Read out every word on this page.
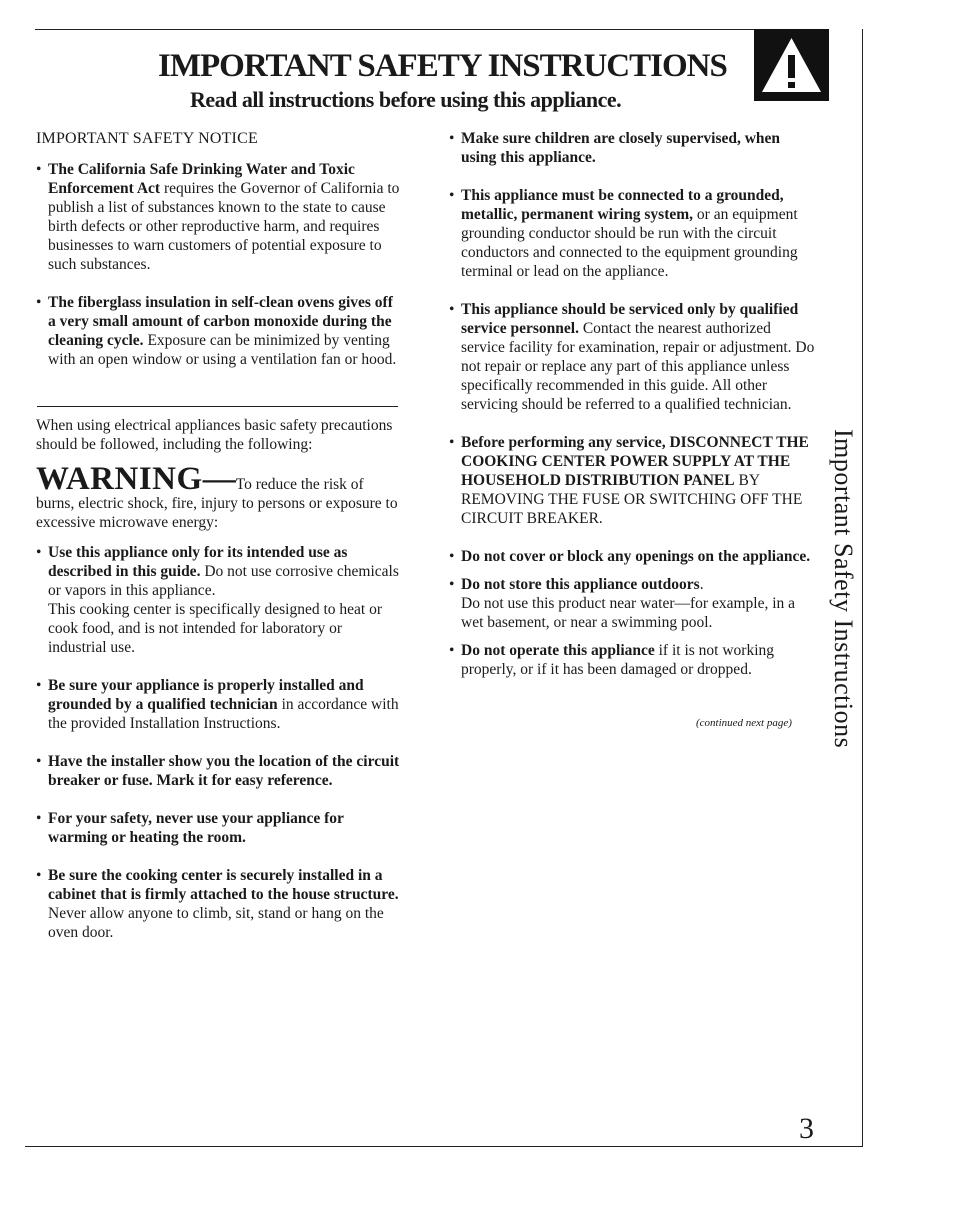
IMPORTANT SAFETY INSTRUCTIONS
Read all instructions before using this appliance.

IMPORTANT SAFETY NOTICE

• The California Safe Drinking Water and Toxic Enforcement Act requires the Governor of California to publish a list of substances known to the state to cause birth defects or other reproductive harm, and requires businesses to warn customers of potential exposure to such substances.

• The fiberglass insulation in self-clean ovens gives off a very small amount of carbon monoxide during the cleaning cycle. Exposure can be minimized by venting with an open window or using a ventilation fan or hood.

When using electrical appliances basic safety precautions should be followed, including the following:

WARNING—To reduce the risk of burns, electric shock, fire, injury to persons or exposure to excessive microwave energy:

• Use this appliance only for its intended use as described in this guide. Do not use corrosive chemicals or vapors in this appliance.

This cooking center is specifically designed to heat or cook food, and is not intended for laboratory or industrial use.

• Be sure your appliance is properly installed and grounded by a qualified technician in accordance with the provided Installation Instructions.

• Have the installer show you the location of the circuit breaker or fuse. Mark it for easy reference.

• For your safety, never use your appliance for warming or heating the room.

• Be sure the cooking center is securely installed in a cabinet that is firmly attached to the house structure. Never allow anyone to climb, sit, stand or hang on the oven door.

• Make sure children are closely supervised, when using this appliance.

• This appliance must be connected to a grounded, metallic, permanent wiring system, or an equipment grounding conductor should be run with the circuit conductors and connected to the equipment grounding terminal or lead on the appliance.

• This appliance should be serviced only by qualified service personnel. Contact the nearest authorized service facility for examination, repair or adjustment. Do not repair or replace any part of this appliance unless specifically recommended in this guide. All other servicing should be referred to a qualified technician.

• Before performing any service, DISCONNECT THE COOKING CENTER POWER SUPPLY AT THE HOUSEHOLD DISTRIBUTION PANEL BY REMOVING THE FUSE OR SWITCHING OFF THE CIRCUIT BREAKER.

• Do not cover or block any openings on the appliance.

• Do not store this appliance outdoors.

Do not use this product near water—for example, in a wet basement, or near a swimming pool.

• Do not operate this appliance if it is not working properly, or if it has been damaged or dropped.

(continued next page) Important Safety Instructions
3
